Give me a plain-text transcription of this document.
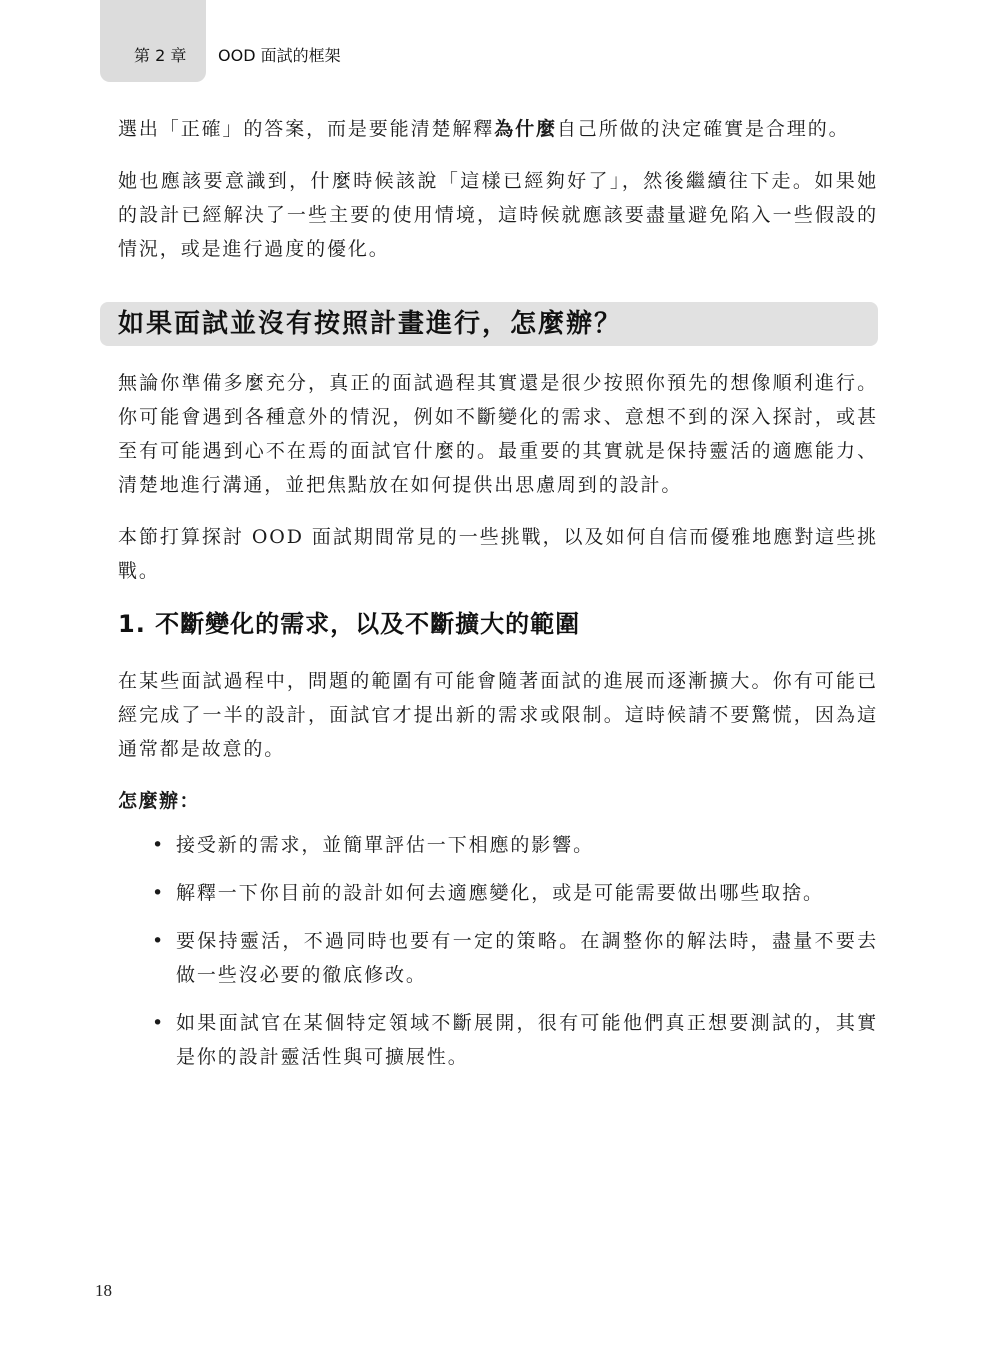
第 2 章 OOD 面試的框架

選出「正確」的答案，而是要能清楚解釋為什麼自己所做的決定確實是合理的。

她也應該要意識到，什麼時候該說「這樣已經夠好了」，然後繼續往下走。如果她的設計已經解決了一些主要的使用情境，這時候就應該要盡量避免陷入一些假設的情況，或是進行過度的優化。

如果面試並沒有按照計畫進行，怎麼辦？

無論你準備多麼充分，真正的面試過程其實還是很少按照你預先的想像順利進行。你可能會遇到各種意外的情況，例如不斷變化的需求、意想不到的深入探討，或甚至有可能遇到心不在焉的面試官什麼的。最重要的其實就是保持靈活的適應能力、清楚地進行溝通，並把焦點放在如何提供出思慮周到的設計。

本節打算探討 OOD 面試期間常見的一些挑戰，以及如何自信而優雅地應對這些挑戰。

1. 不斷變化的需求，以及不斷擴大的範圍

在某些面試過程中，問題的範圍有可能會隨著面試的進展而逐漸擴大。你有可能已經完成了一半的設計，面試官才提出新的需求或限制。這時候請不要驚慌，因為這通常都是故意的。

怎麼辦：
• 接受新的需求，並簡單評估一下相應的影響。
• 解釋一下你目前的設計如何去適應變化，或是可能需要做出哪些取捨。
• 要保持靈活，不過同時也要有一定的策略。在調整你的解法時，盡量不要去做一些沒必要的徹底修改。
• 如果面試官在某個特定領域不斷展開，很有可能他們真正想要測試的，其實是你的設計靈活性與可擴展性。
18
